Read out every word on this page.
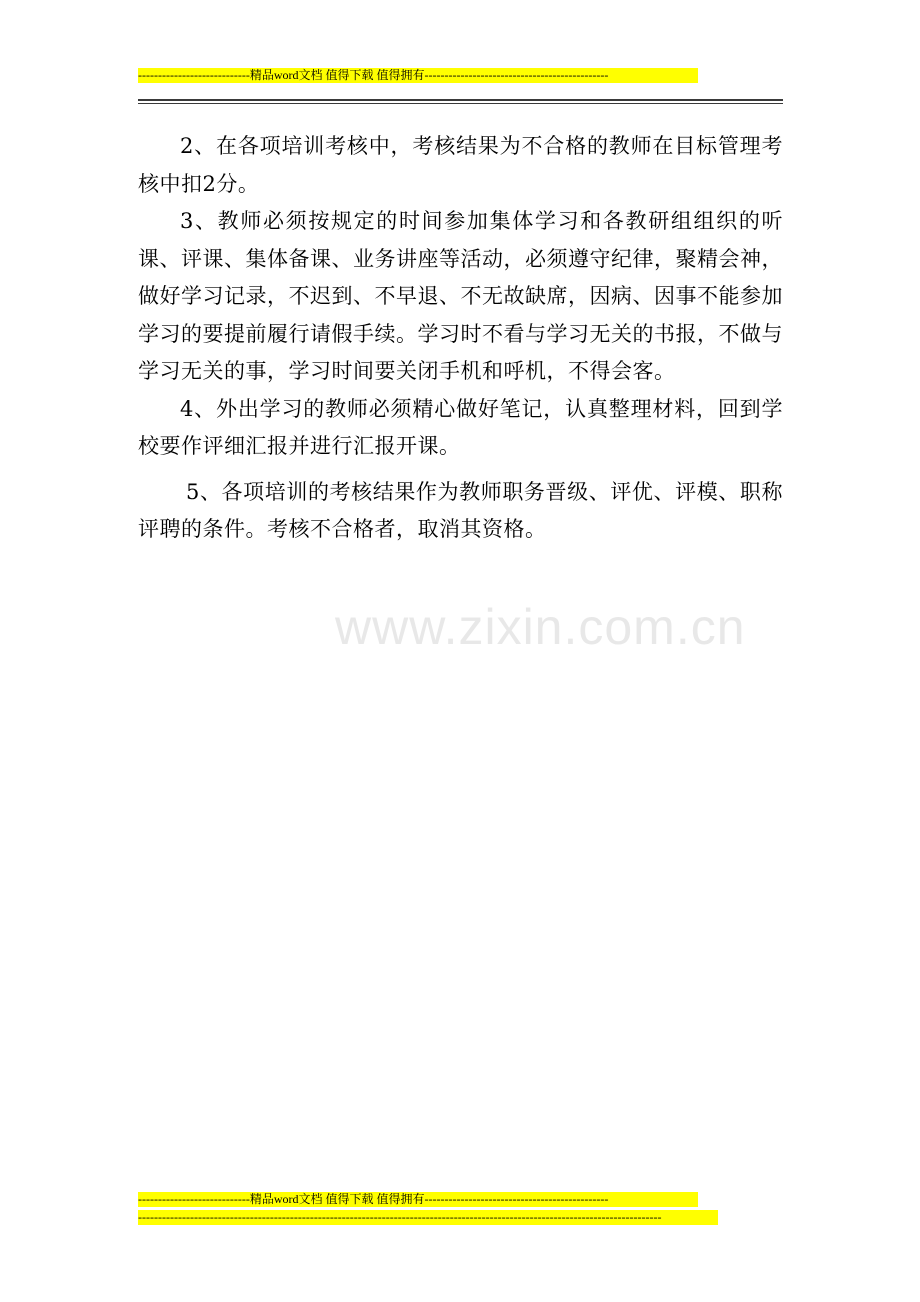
----------------------------精品word文档 值得下载 值得拥有----------------------------------------------

2、在各项培训考核中，考核结果为不合格的教师在目标管理考核中扣2分。

3、教师必须按规定的时间参加集体学习和各教研组组织的听课、评课、集体备课、业务讲座等活动，必须遵守纪律，聚精会神，做好学习记录，不迟到、不早退、不无故缺席，因病、因事不能参加学习的要提前履行请假手续。学习时不看与学习无关的书报，不做与学习无关的事，学习时间要关闭手机和呼机，不得会客。

4、外出学习的教师必须精心做好笔记，认真整理材料，回到学校要作评细汇报并进行汇报开课。

5、各项培训的考核结果作为教师职务晋级、评优、评模、职称评聘的条件。考核不合格者，取消其资格。

www.zixin.com.cn
----------------------------精品word文档 值得下载 值得拥有----------------------------------------------
-----------------------------------------------------------------------------------------------------------------------------------
